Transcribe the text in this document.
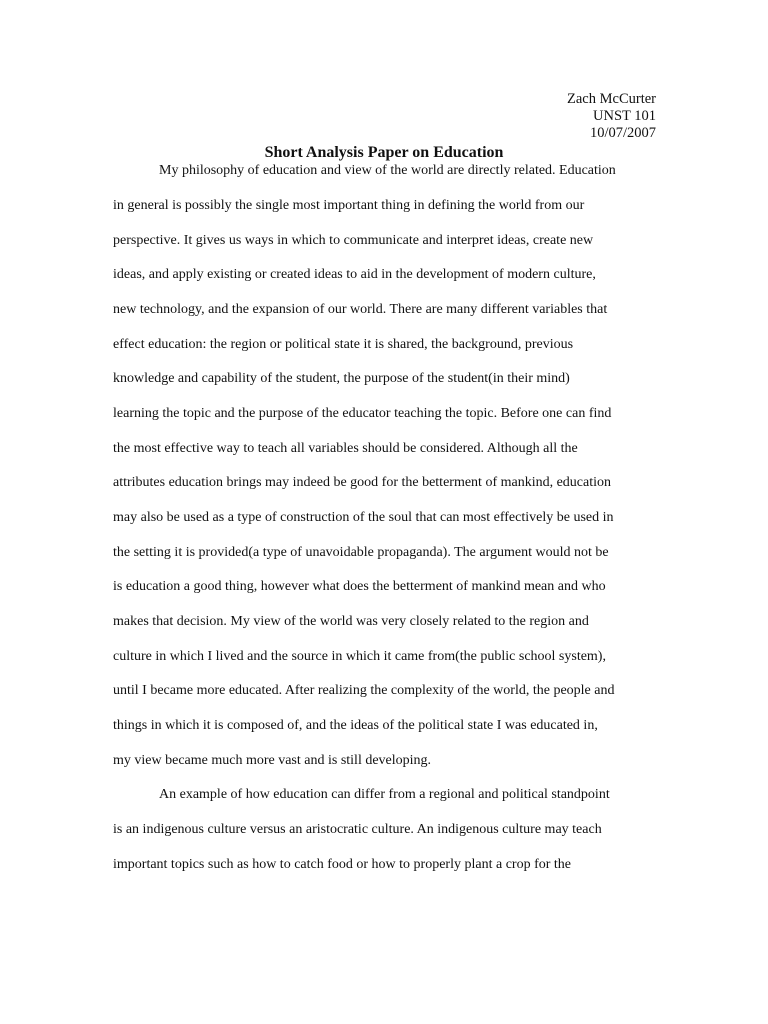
Zach McCurter
UNST 101
10/07/2007
Short Analysis Paper on Education
My philosophy of education and view of the world are directly related. Education
in general is possibly the single most important thing in defining the world from our
perspective. It gives us ways in which to communicate and interpret ideas, create new
ideas, and apply existing or created ideas to aid in the development of modern culture,
new technology, and the expansion of our world. There are many different variables that
effect education: the region or political state it is shared, the background, previous
knowledge and capability of the student, the purpose of the student(in their mind)
learning the topic and the purpose of the educator teaching the topic. Before one can find
the most effective way to teach all variables should be considered. Although all the
attributes education brings may indeed be good for the betterment of mankind, education
may also be used as a type of construction of the soul that can most effectively be used in
the setting it is provided(a type of unavoidable propaganda). The argument would not be
is education a good thing, however what does the betterment of mankind mean and who
makes that decision. My view of the world was very closely related to the region and
culture in which I lived and the source in which it came from(the public school system),
until I became more educated. After realizing the complexity of the world, the people and
things in which it is composed of, and the ideas of the political state I was educated in,
my view became much more vast and is still developing.
An example of how education can differ from a regional and political standpoint
is an indigenous culture versus an aristocratic culture. An indigenous culture may teach
important topics such as how to catch food or how to properly plant a crop for the
